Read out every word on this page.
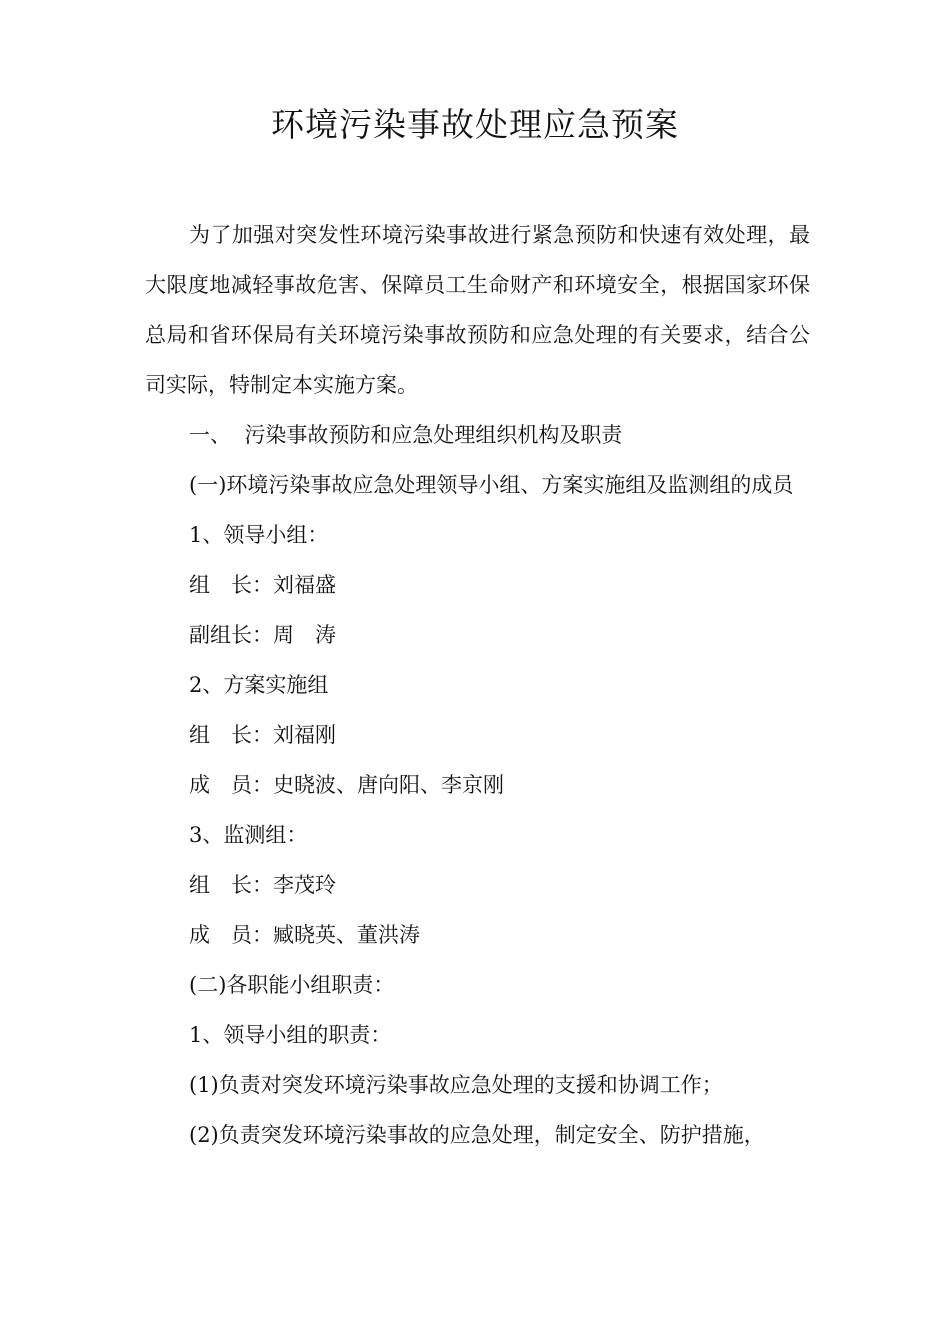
环境污染事故处理应急预案

为了加强对突发性环境污染事故进行紧急预防和快速有效处理，最大限度地减轻事故危害、保障员工生命财产和环境安全，根据国家环保总局和省环保局有关环境污染事故预防和应急处理的有关要求，结合公司实际，特制定本实施方案。

一、  污染事故预防和应急处理组织机构及职责

(一)环境污染事故应急处理领导小组、方案实施组及监测组的成员

1、领导小组：

组　长：刘福盛

副组长：周　涛

2、方案实施组

组　长：刘福刚

成　员：史晓波、唐向阳、李京刚

3、监测组：

组　长：李茂玲

成　员：臧晓英、董洪涛

(二)各职能小组职责：

1、领导小组的职责：

(1)负责对突发环境污染事故应急处理的支援和协调工作；

(2)负责突发环境污染事故的应急处理，制定安全、防护措施，
